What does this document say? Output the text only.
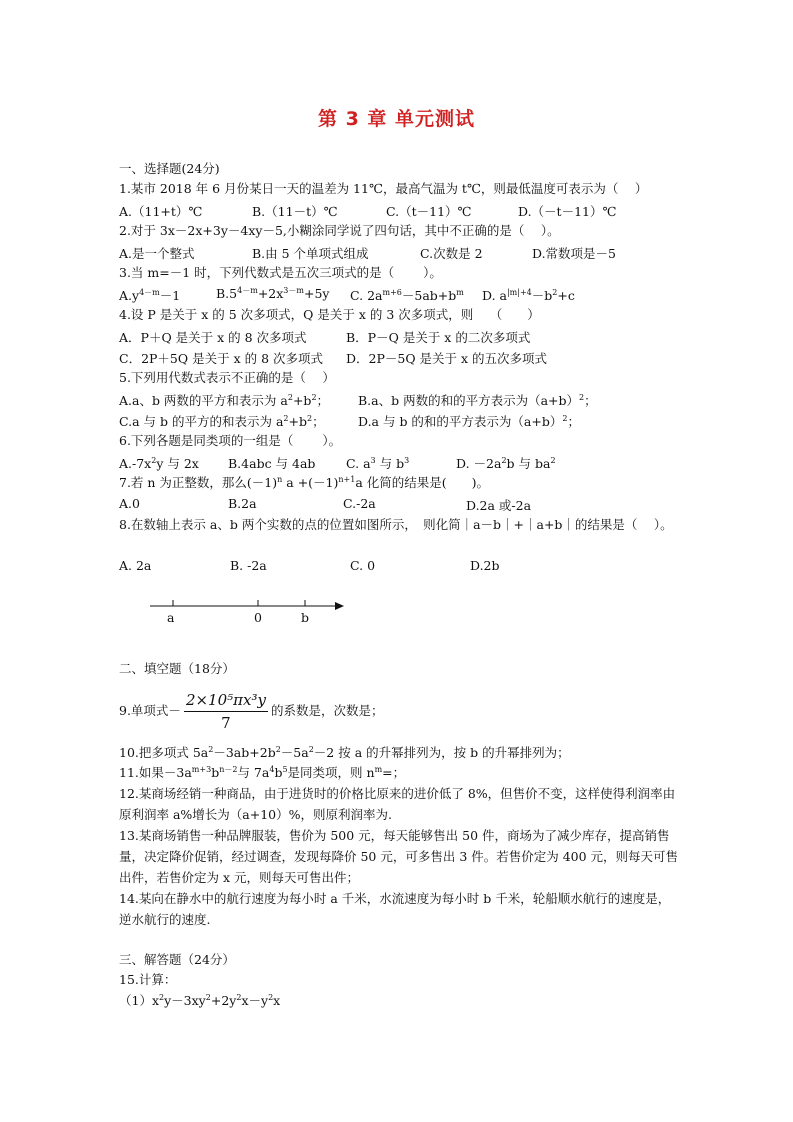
第 3 章 单元测试
一、选择题(24分)
1.某市 2018 年 6 月份某日一天的温差为 11℃，最高气温为 t℃，则最低温度可表示为（　 ）
A.（11+t）℃	B.（11－t）℃	C.（t－11）℃	D.（－t－11）℃
2.对于 3x－2x+3y－4xy－5,小糊涂同学说了四句话，其中不正确的是（　 ）。
A.是一个整式	B.由 5 个单项式组成	C.次数是 2	D.常数项是－5
3.当 m=－1 时，下列代数式是五次三项式的是（　　 ）。
$A.y^{4-m}-1$	$B.5^{4-m}+2x^{3-m}+5y$ C. $2a^{m+6}-5ab+b^m$ D. $a^{|m|+4}-b^2+c$
4.设 P 是关于 x 的 5 次多项式，Q 是关于 x 的 3 次多项式，则　 （　　）
A．P＋Q 是关于 x 的 8 次多项式	B．P－Q 是关于 x 的二次多项式
C．2P＋5Q 是关于 x 的 8 次多项式 D．2P－5Q 是关于 x 的五次多项式
5.下列用代数式表示不正确的是（　 ）
A.a、b 两数的平方和表示为 $a^2+b^2$； B.a、b 两数的和的平方表示为$(a+b)^2$；
C.a 与 b 的平方的和表示为 $a^2+b^2$；	D.a 与 b 的和的平方表示为$(a+b)^2$；
6.下列各题是同类项的一组是（　　 ）。
$A.-7x^2y$ 与 2x B.4abc 与 4ab C. $a^3$ 与 $b^3$	D. $-2a^2b$ 与 $ba^2$
7.若 n 为正整数，那么$(-1)^n$ $a +(-1)^{n+1}a$ 化简的结果是(　　)。
A.0	B.2a	C.-2a	D.2a 或-2a
8.在数轴上表示 a、b 两个实数的点的位置如图所示，　则化简｜a－b｜+｜a+b｜的结果是（　 ）。
A. 2a	B. -2a	C. 0	D.2b
a	0	b
二、填空题（18分）
9.单项式－ $\frac{\text{2×10⁵πx³y}}{7}$ 的系数是，次数是；
10.把多项式 $5a^2-3ab+2b^2-5a^2-2$ 按 a 的升幂排列为，按 b 的升幂排列为；
11.如果$-3a^{m+3}b^{n-2}$与 $7a^4b^5$是同类项，则 $n^m=$；
12.某商场经销一种商品，由于进货时的价格比原来的进价低了 8%，但售价不变，这样使得利润率由原利润率 a%增长为（a+10）%，则原利润率为.
13.某商场销售一种品牌服装，售价为 500 元，每天能够售出 50 件，商场为了减少库存，提高销售量，决定降价促销，经过调查，发现每降价 50 元，可多售出 3 件。若售价定为 400 元，则每天可售出件，若售价定为 x 元，则每天可售出件；
14.某向在静水中的航行速度为每小时 a 千米，水流速度为每小时 b 千米，轮船顺水航行的速度是，逆水航行的速度.
三、解答题（24分）
15.计算：
$(1)x^2y-3xy^2+2y^2x-y^2x$
